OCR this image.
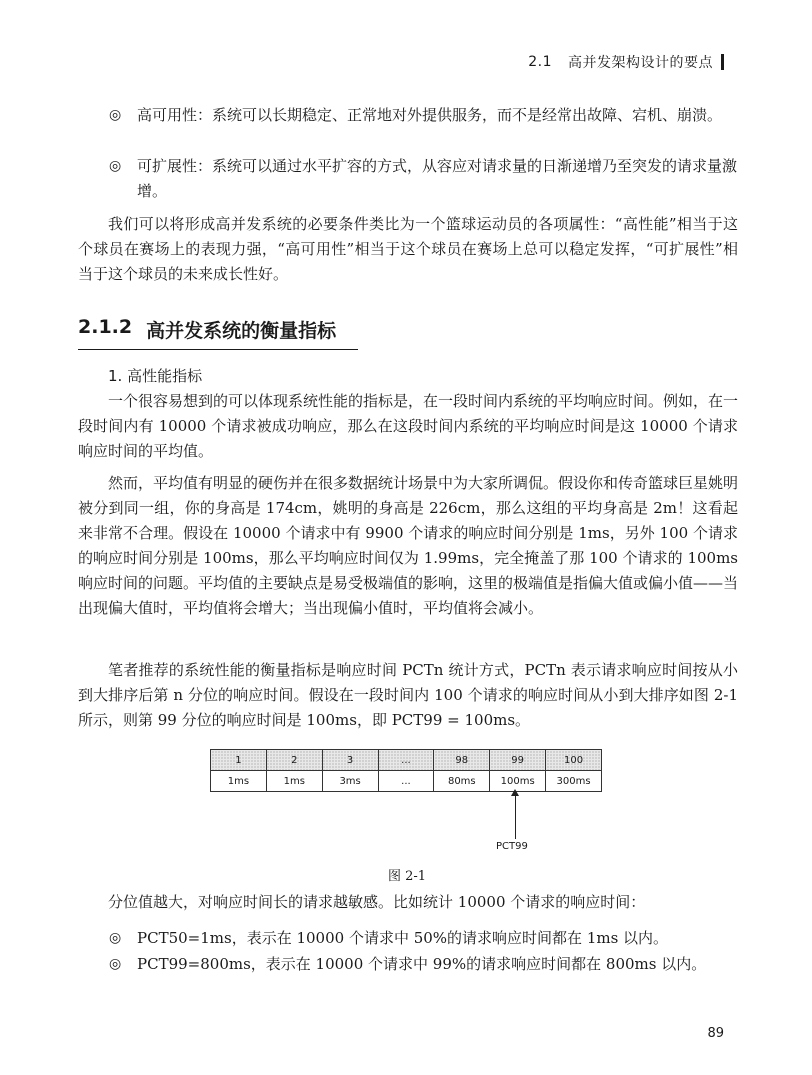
2.1 高并发架构设计的要点
◎	高可用性：系统可以长期稳定、正常地对外提供服务，而不是经常出故障、宕机、崩溃。
◎	可扩展性：系统可以通过水平扩容的方式，从容应对请求量的日渐递增乃至突发的请求量激增。
我们可以将形成高并发系统的必要条件类比为一个篮球运动员的各项属性：“高性能”相当于这个球员在赛场上的表现力强，“高可用性”相当于这个球员在赛场上总可以稳定发挥，“可扩展性”相当于这个球员的未来成长性好。
2.1.2 高并发系统的衡量指标
1. 高性能指标
一个很容易想到的可以体现系统性能的指标是，在一段时间内系统的平均响应时间。例如，在一段时间内有 10000 个请求被成功响应，那么在这段时间内系统的平均响应时间是这 10000 个请求响应时间的平均值。
然而，平均值有明显的硬伤并在很多数据统计场景中为大家所调侃。假设你和传奇篮球巨星姚明被分到同一组，你的身高是 174cm，姚明的身高是 226cm，那么这组的平均身高是 2m！这看起来非常不合理。假设在 10000 个请求中有 9900 个请求的响应时间分别是 1ms，另外 100 个请求的响应时间分别是 100ms，那么平均响应时间仅为 1.99ms，完全掩盖了那 100 个请求的 100ms 响应时间的问题。平均值的主要缺点是易受极端值的影响，这里的极端值是指偏大值或偏小值——当出现偏大值时，平均值将会增大；当出现偏小值时，平均值将会减小。
笔者推荐的系统性能的衡量指标是响应时间 PCTn 统计方式，PCTn 表示请求响应时间按从小到大排序后第 n 分位的响应时间。假设在一段时间内 100 个请求的响应时间从小到大排序如图 2-1 所示，则第 99 分位的响应时间是 100ms，即 PCT99 = 100ms。
1	2	3	...	98	99	100
1ms	1ms	3ms	...	80ms	100ms	300ms
PCT99
图 2-1
分位值越大，对响应时间长的请求越敏感。比如统计 10000 个请求的响应时间：
◎	PCT50=1ms，表示在 10000 个请求中 50%的请求响应时间都在 1ms 以内。
◎	PCT99=800ms，表示在 10000 个请求中 99%的请求响应时间都在 800ms 以内。
89
